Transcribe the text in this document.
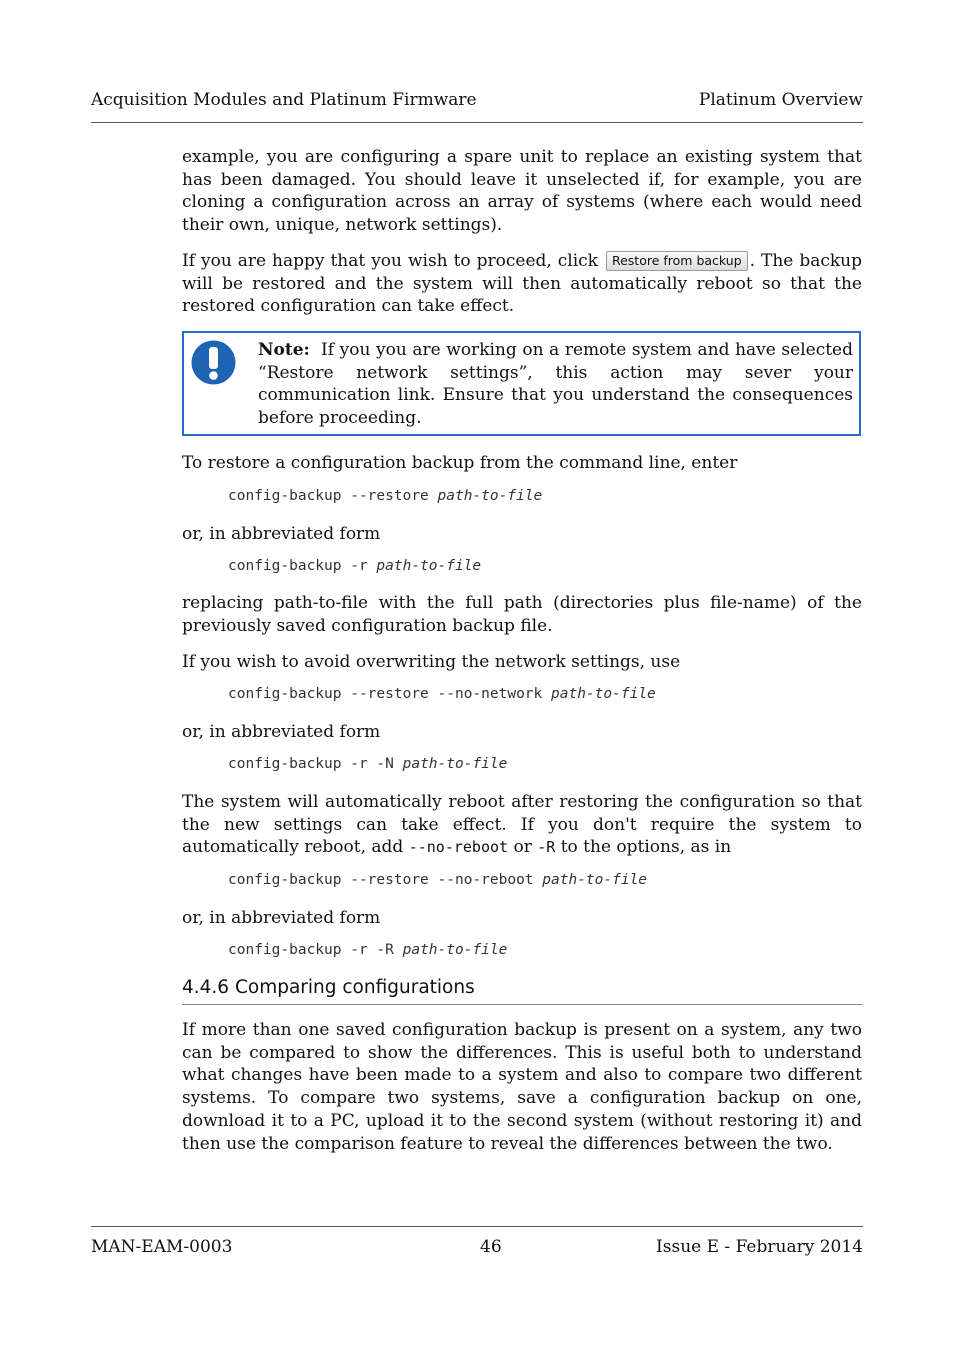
Acquisition Modules and Platinum Firmware	Platinum Overview

example, you are configuring a spare unit to replace an existing system that has been damaged. You should leave it unselected if, for example, you are cloning a configuration across an array of systems (where each would need their own, unique, network settings).

If you are happy that you wish to proceed, click Restore from backup . The backup will be restored and the system will then automatically reboot so that the restored configuration can take effect.

Note: If you you are working on a remote system and have selected “Restore network settings”, this action may sever your communication link. Ensure that you understand the consequences before proceeding.

To restore a configuration backup from the command line, enter

config-backup --restore path-to-file

or, in abbreviated form

config-backup -r path-to-file

replacing path-to-file with the full path (directories plus file-name) of the previously saved configuration backup file.

If you wish to avoid overwriting the network settings, use

config-backup --restore --no-network path-to-file

or, in abbreviated form

config-backup -r -N path-to-file

The system will automatically reboot after restoring the configuration so that the new settings can take effect. If you don't require the system to automatically reboot, add --no-reboot or -R to the options, as in

config-backup --restore --no-reboot path-to-file

or, in abbreviated form

config-backup -r -R path-to-file
4.4.6 Comparing configurations

If more than one saved configuration backup is present on a system, any two can be compared to show the differences. This is useful both to understand what changes have been made to a system and also to compare two different systems. To compare two systems, save a configuration backup on one, download it to a PC, upload it to the second system (without restoring it) and then use the comparison feature to reveal the differences between the two.

MAN-EAM-0003	46	Issue E - February 2014
